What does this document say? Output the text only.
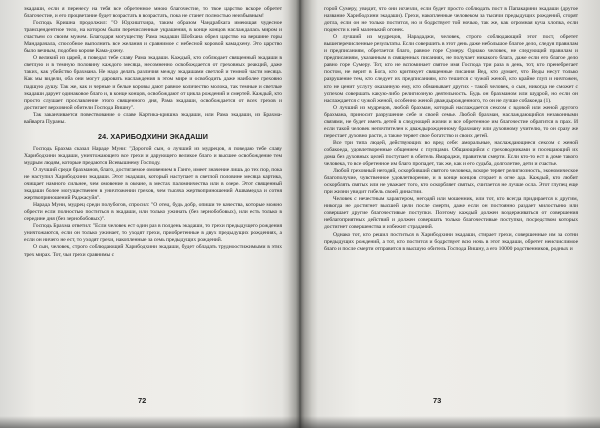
экадаши, если я перенесу на тебя все обретенное мною благочестие, то твое царство вскоре обретет благочестие, и его процветание будет возрастать в возрастать, пока не станет полностью неизбывным!

Господь Кришна продолжил: "О Юдхиштхира, таким образом Чандрабхага имеющая чудесное трансцендентное тело, на котором были перечисленные украшения, в конце концов наслаждалась миром и счастьем со своим мужем. Благодаря могуществу Рама экадаши Шобхана обрел царство на вершине горы Мандарачала, способное выполнить все желания и сравнимое с небесной коровой камадхену. Это царство было вечным, подобно корове Кама-дхену.

О великий из царей, я поведал тебе славу Рама экадаши. Каждый, кто соблюдает священный экадаши в светлую и в темную половину каждого месяца, несомненно освобождается от греховных реакций, даже таких, как убийство брахмана. Не надо делать различия между экадашами светлой и темной части месяца. Как мы видели, оба они могут даровать наслаждения в этом мире и освободить даже наиболее греховно падшую душу. Так же, как и черные и белые коровы дают равное количество молока, так темные и светлые экадаши дарует одинаковое благо и, в конце концов, освобождают от цикла рождений и смертей. Каждый, кто просто слушает прославление этого священного дня, Рама экадаши, освобождается от всех грехов и достигает верховной обители Господа Вишну".

Так заканчивается повествование о славе Картика-кришна экадаши, или Рама экадаши, из Брахма-вайварта Пураны.

24. ХАРИБОДХИНИ ЭКАДАШИ

Господь Брахма сказал Нараде Муни: "Дорогой сын, о лучший из мудрецов, я поведаю тебе славу Харибодхини экадаши, уничтожающего все грехи и дарующего великое благо и высшее освобождение тем мудрым людям, которые предаются Всевышнему Господу.

О лучший среди брахманов, благо, достигаемое омовением в Ганге, имеет значение лишь до тех пор, пока не наступил Харибодхини экадаши. Этот экадаши, который наступает в светлой половине месяца картика, очищает намного сильнее, чем омовение в океане, в местах паломничества или в озере. Этот священный экадаши более могущественен в уничтожении грехов, чем тысяча жертвоприношений Ашвамедха и сотня жертвоприношений Раджасуйя".

Нарада Муни, мудрец среди полубогов, спросил: "О отец, будь добр, опиши те качества, которые можно обрести если полностью поститься в экадаши, или только ужинать (без зернобобовых), или есть только в середине дня (без зернобобовых)".

Господь Брахма ответил: "Если человек ест один раз в полдень экадаши, то грехи предыдущего рождения уничтожаются, если он только ужинает, то уходят грехи, приобретенные в двух предыдущих рождениях, а если он ничего не ест, то уходят грехи, накопленные за семь предыдущих рождений.

О сын, человек, строго соблюдающий Харибодхини экадаши, будет обладать трудноостижимыми в этих трех мирах. Тот, чьи грехи сравнимы с

72

горой Сумеру, увидит, что они исчезли, если будет просто соблюдать пост в Папакарини экадаши (другое название Харибодхини экадаши). Грехи, накопленные человеком за тысячи предыдущих рождений, сгорят дотла, если он не только постится, но и бодрствует той ночью, так же, как огромная куча хлопка, если поднести к ней маленький огонек.

О лучший из мудрецов, Нарададжи, человек, строго соблюдающий этот пост, обретет вышеперечисленные результаты. Если совершить в этот день даже небольшое благое дело, следуя правилам и предписаниям, обретается благо, равное горе Сумеру. Однако человек, не следующий правилам и предписаниям, указанным в священных писаниях, не получает никакого блага, даже если его благое дело равно горе Сумеру. Тот, кто не вспоминает святое имя Господа три раза в день, тот, кто пренебрегает постом, не верит в Бога, кто критикует священные писания Вед, кто думает, что Веды несут только разрушение тем, кто следует их предписаниям, кто тешится с чужой женой, кто крайне глуп и ничтожен, кто не ценит услугу оказанную ему, кто обманывает других - такой человек, о сын, никогда не сможет с успехом совершать какую-либо религиозную деятельность. Будь он брахманом или шудрой, но если он наслаждается с чужой женой, особенно женой дваждырожденного, то он не лучше собакоеда (1).

О лучший из мудрецов, любой брахман, который наслаждается сексом с вдовой или женой другого брахмана, приносит разрушение себе и своей семье. Любой брахман, наслаждающийся незаконными связями, не будет иметь детей в следующей жизни и все обретенное им благочестие обратится в прах. И если такой человек непочтителен к дваждырожденному брахману или духовному учителю, то он сразу же перестает духовно расти, а также теряет свое богатство и своих детей.

Все три типа людей, действующих во вред себе: аморальные, наслаждающиеся сексом с женой собакоеда, удовлетворенные общением с глупцами. Общающийся с греховодниками и посещающий их дома без духовных целей поступает в обитель Ямараджи, правителя смерти. Если кто-то ест в доме такого человека, то все обретенное им благо пропадет, так же, как и его судьба, долголетие, дети и счастье.

Любой греховный негодяй, оскорбивший святого человека, вскоре теряет религиозность, экономическое благополучие, чувственное удовлетворение, и в конце концов сгорает в огне ада. Каждый, кто любит оскорблять святых или не уважает того, кто оскорбляет святых, считается не лучше осла. Этот глупец еще при жизни увидит гибель своей династии.

Человек с нечестным характером, негодяй или мошенник, или тот, кто всегда придирается к другим, никогда не достигнет высшей цели после смерти, даже если он постоянно раздает милостыню или совершает другие благочестивые поступки. Поэтому каждый должен воздерживаться от совершения неблагоприятных действий и должен совершать только благочестивые поступки, посредством которых достигнет совершенства и избежит страданий.

Однако тот, кто решил поститься в Харибодхини экадаши, стирает грехи, совершенные им за сотни предыдущих рождений, а тот, кто постится и бодрствует всю ночь в этот экадаши, обретет неисчислимое благо и после смерти отправится в высшую обитель Господа Вишну, а его 10000 родственников, родных и

73
